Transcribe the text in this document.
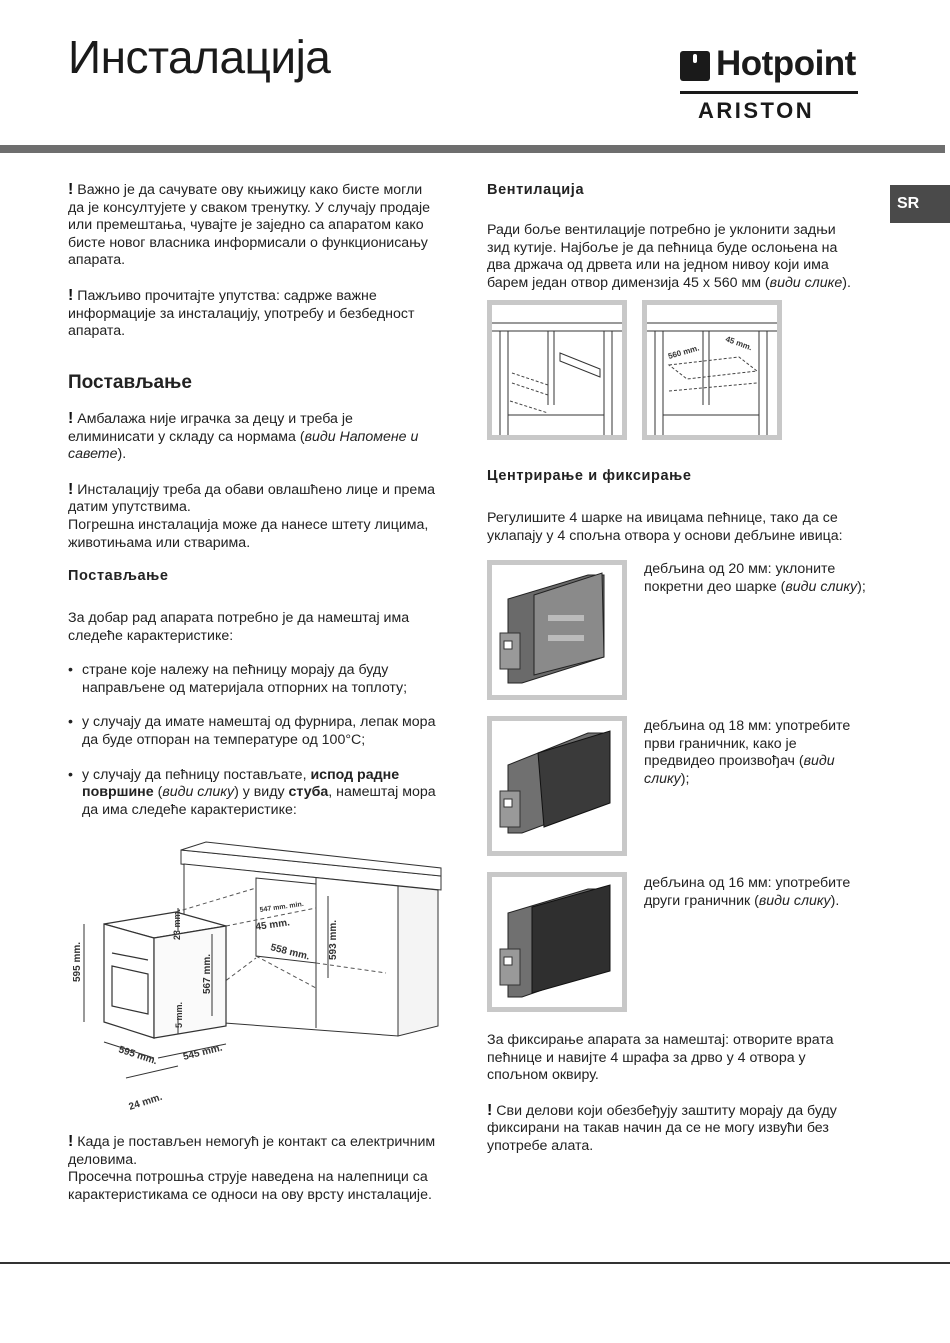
Инсталација	Hotpoint
ARISTON
SR

! Важно је да сачувате ову књижицу како бисте могли да је консултујете у сваком тренутку. У случају продаје или премештања, чувајте је заједно са апаратом како бисте новог власника информисали о функционисању апарата.

! Пажљиво прочитајте упутства: садрже важне информације за инсталацију, употребу и безбедност апарата.

Постављање

! Амбалажа није играчка за децу и треба је елиминисати у складу са нормама (види Напомене и савете).

! Инсталацију треба да обави овлашћено лице и према датим упутствима.
Погрешна инсталација може да нанесе штету лицима, животињама или стварима.

Постављање

За добар рад апарата потребно је да намештај има следеће карактеристике:

• стране које належу на пећницу морају да буду направљене од материјала отпорних на топлоту;
• у случају да имате намештај од фурнира, лепак мора да буде отпоран на температуре од 100°C;
• у случају да пећницу постављате, испод радне површине (види слику) у виду стуба, намештај мора да има следеће карактеристике:
595 mm.
23 mm.
567 mm.
5 mm.
595 mm. 545 mm.
24 mm.
547 mm. min.
45 mm.
558 mm. 593 mm.

! Када је постављен немогућ је контакт са електричним деловима.
Просечна потрошња струје наведена на налепници са карактеристикама се односи на ову врсту инсталације.

Вентилација

Ради боље вентилације потребно је уклонити задњи зид кутије. Најбоље је да пећница буде ослоњена на два држача од дрвета или на једном нивоу који има барем један отвор димензија 45 x 560 мм (види слике).

560 mm.	45 mm.
Центрирање и фиксирање
Регулишите 4 шарке на ивицама пећнице, тако да се уклапају у 4 спољна отвора у основи дебљине ивица:
дебљина од 20 мм: уклоните покретни део шарке (види слику);
дебљина од 18 мм: употребите први граничник, како је предвидео произвођач (види слику);
дебљина од 16 мм: употребите други граничник (види слику).

За фиксирање апарата за намештај: отворите врата пећнице и навијте 4 шрафа за дрво у 4 отвора у спољном оквиру.

! Сви делови који обезбеђују заштиту морају да буду фиксирани на такав начин да се не могу извући без употребе алата.
